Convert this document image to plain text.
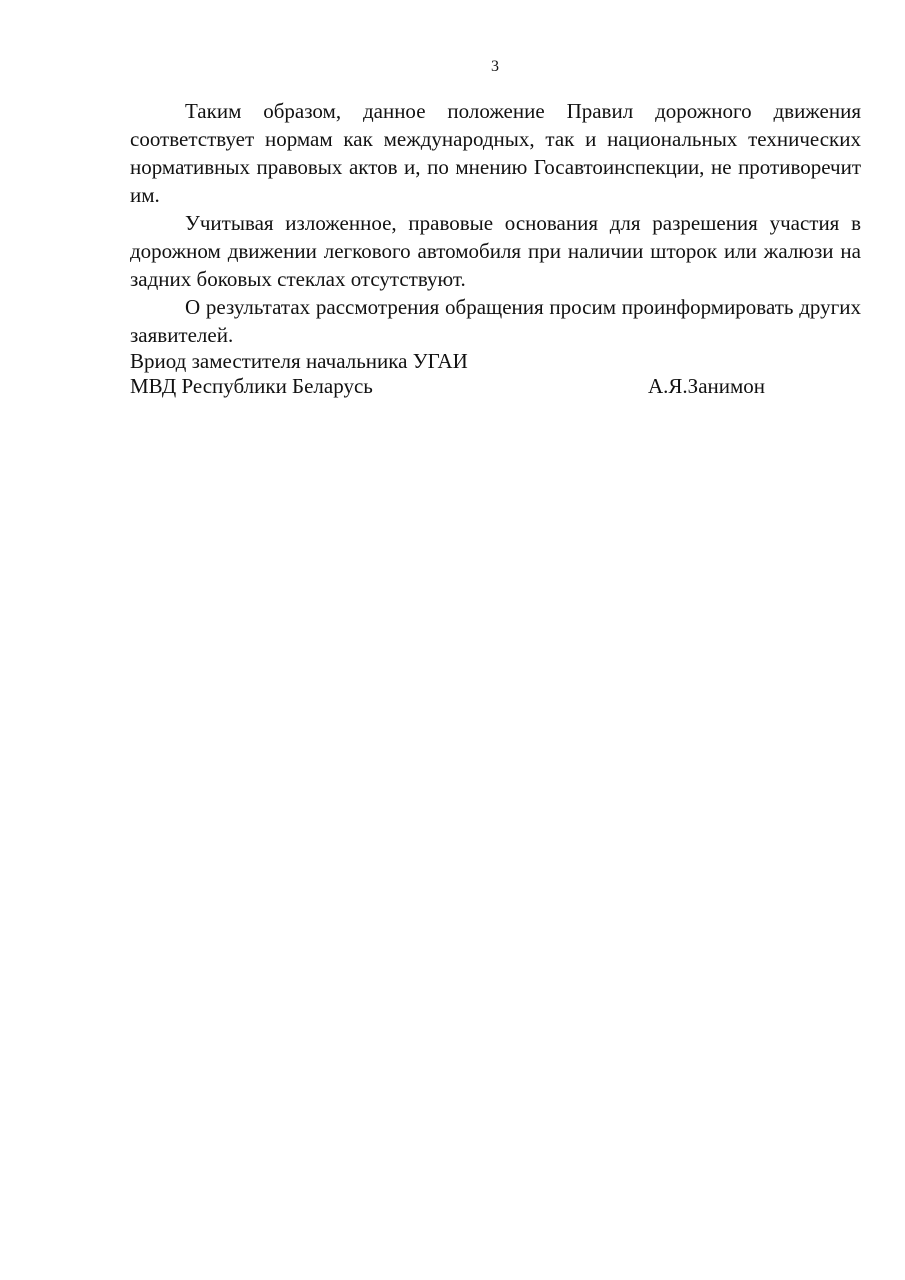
3

Таким образом, данное положение Правил дорожного движения соответствует нормам как международных, так и национальных технических нормативных правовых актов и, по мнению Госавтоинспекции, не противоречит им.

Учитывая изложенное, правовые основания для разрешения участия в дорожном движении легкового автомобиля при наличии шторок или жалюзи на задних боковых стеклах отсутствуют.

О результатах рассмотрения обращения просим проинформировать других заявителей.

Вриод заместителя начальника УГАИ

МВД Республики Беларусь	А.Я.Занимон
